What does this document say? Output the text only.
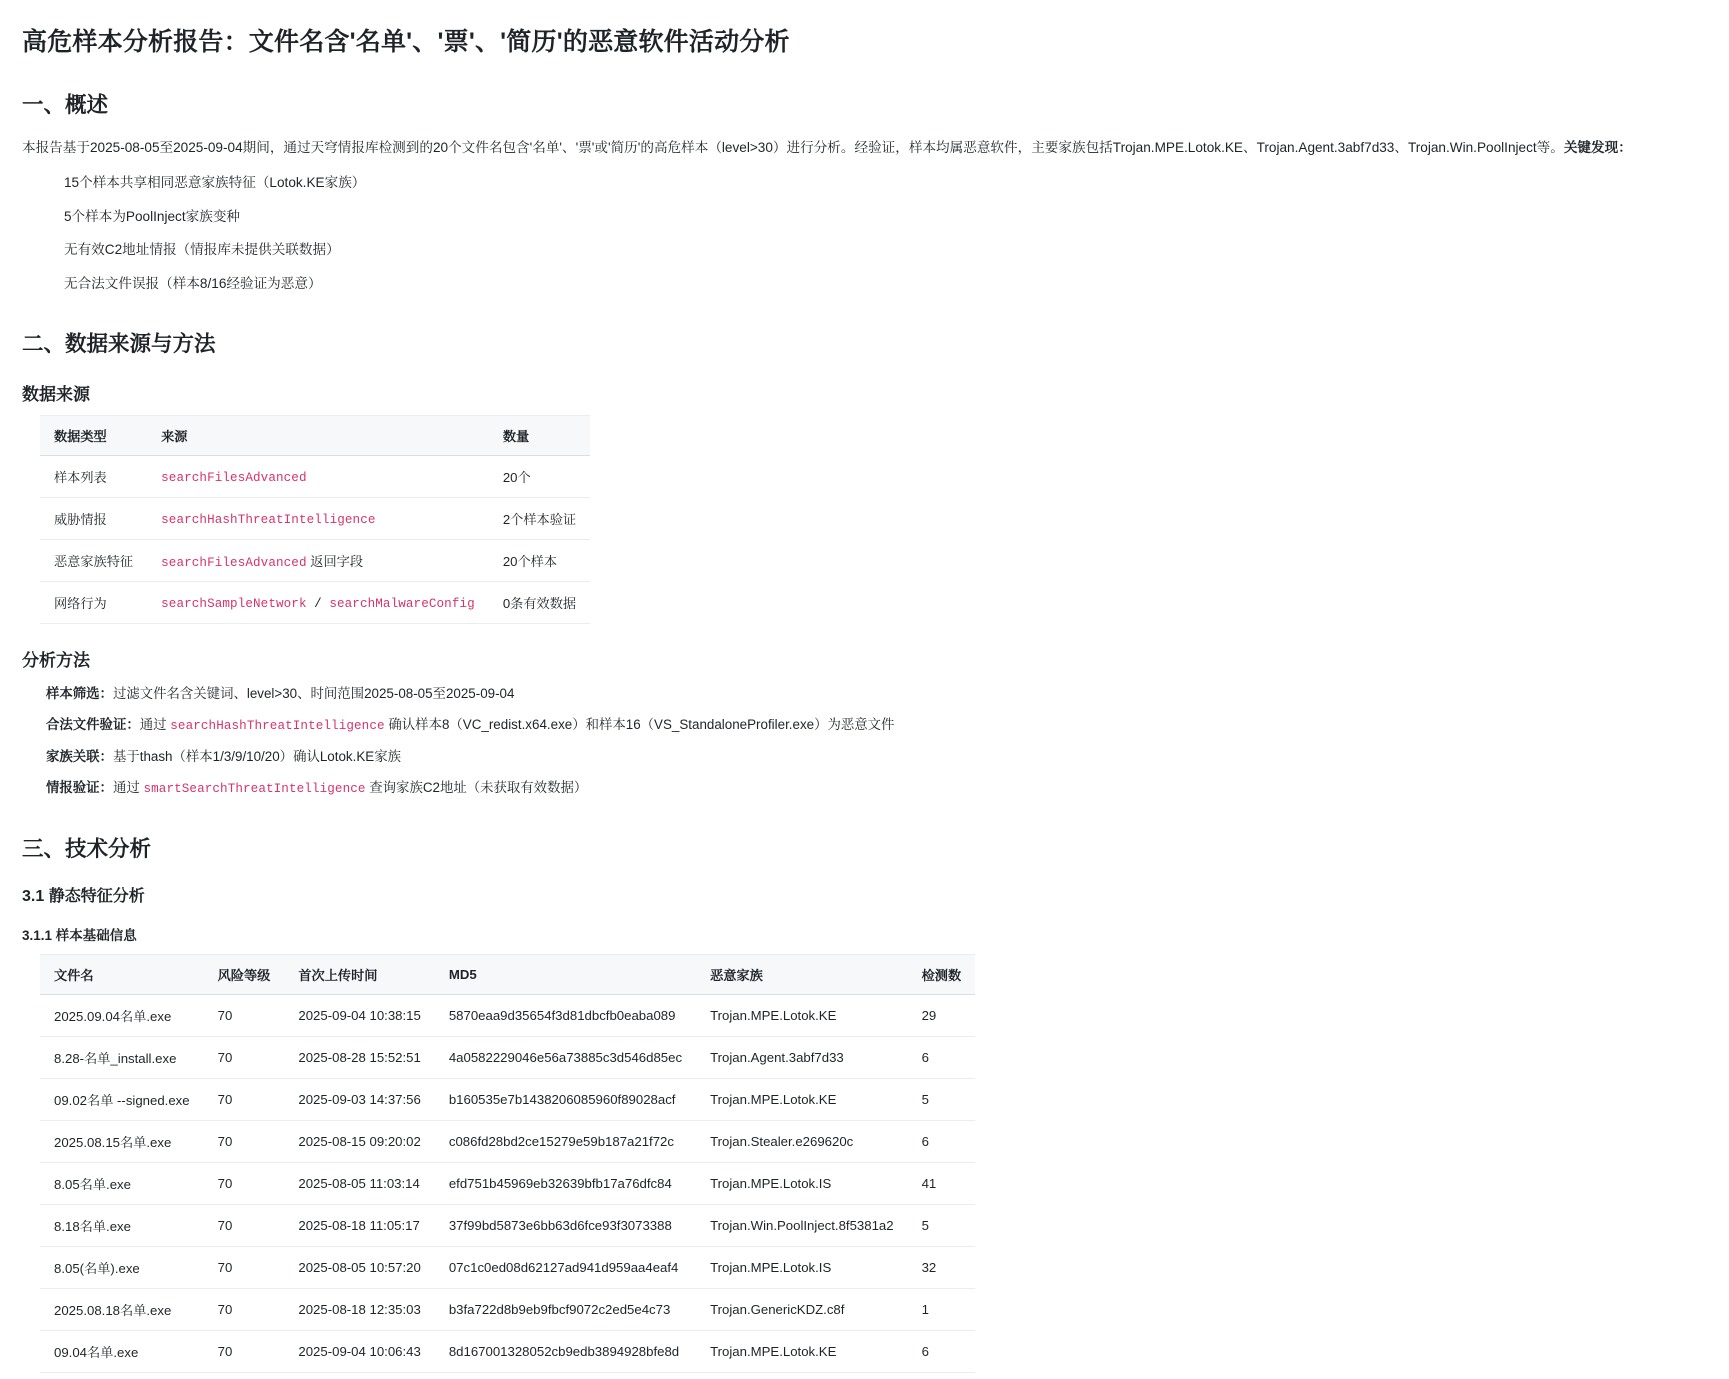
高危样本分析报告：文件名含'名单'、'票'、'简历'的恶意软件活动分析
一、概述

本报告基于2025-08-05至2025-09-04期间，通过天穹情报库检测到的20个文件名包含'名单'、'票'或'简历'的高危样本（level>30）进行分析。经验证，样本均属恶意软件，主要家族包括Trojan.MPE.Lotok.KE、Trojan.Agent.3abf7d33、Trojan.Win.PoolInject等。关键发现：

15个样本共享相同恶意家族特征（Lotok.KE家族）
5个样本为PoolInject家族变种
无有效C2地址情报（情报库未提供关联数据）
无合法文件误报（样本8/16经验证为恶意）
二、数据来源与方法
数据来源
数据类型	来源	数量
样本列表	searchFilesAdvanced	20个
威胁情报	searchHashThreatIntelligence	2个样本验证
恶意家族特征	searchFilesAdvanced 返回字段	20个样本
网络行为	searchSampleNetwork / searchMalwareConfig	0条有效数据
分析方法
样本筛选：过滤文件名含关键词、level>30、时间范围2025-08-05至2025-09-04
合法文件验证：通过 searchHashThreatIntelligence 确认样本8（VC_redist.x64.exe）和样本16（VS_StandaloneProfiler.exe）为恶意文件
家族关联：基于thash（样本1/3/9/10/20）确认Lotok.KE家族
情报验证：通过 smartSearchThreatIntelligence 查询家族C2地址（未获取有效数据）
三、技术分析
3.1 静态特征分析
3.1.1 样本基础信息
文件名	风险等级	首次上传时间	MD5	恶意家族	检测数
2025.09.04名单.exe	70	2025-09-04 10:38:15	5870eaa9d35654f3d81dbcfb0eaba089	Trojan.MPE.Lotok.KE	29
8.28-名单_install.exe	70	2025-08-28 15:52:51	4a0582229046e56a73885c3d546d85ec	Trojan.Agent.3abf7d33	6
09.02名单 --signed.exe	70	2025-09-03 14:37:56	b160535e7b1438206085960f89028acf	Trojan.MPE.Lotok.KE	5
2025.08.15名单.exe	70	2025-08-15 09:20:02	c086fd28bd2ce15279e59b187a21f72c	Trojan.Stealer.e269620c	6
8.05名单.exe	70	2025-08-05 11:03:14	efd751b45969eb32639bfb17a76dfc84	Trojan.MPE.Lotok.IS	41
8.18名单.exe	70	2025-08-18 11:05:17	37f99bd5873e6bb63d6fce93f3073388	Trojan.Win.PoolInject.8f5381a2	5
8.05(名单).exe	70	2025-08-05 10:57:20	07c1c0ed08d62127ad941d959aa4eaf4	Trojan.MPE.Lotok.IS	32
2025.08.18名单.exe	70	2025-08-18 12:35:03	b3fa722d8b9eb9fbcf9072c2ed5e4c73	Trojan.GenericKDZ.c8f	1
09.04名单.exe	70	2025-09-04 10:06:43	8d167001328052cb9edb3894928bfe8d	Trojan.MPE.Lotok.KE	6
